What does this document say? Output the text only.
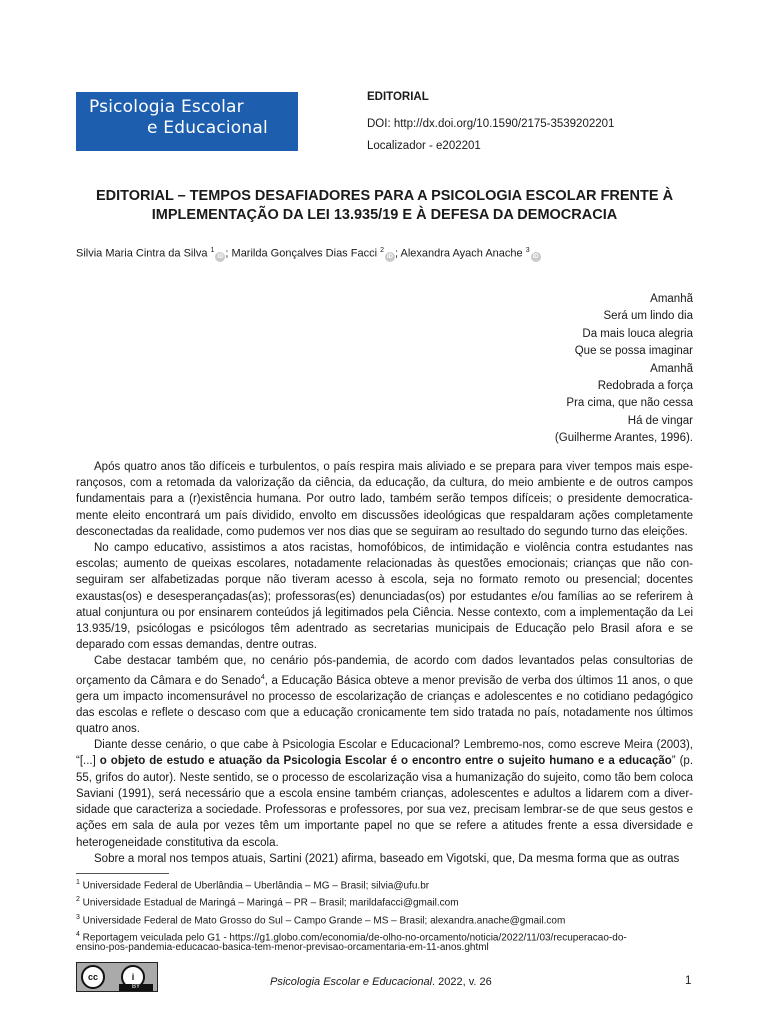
Psicologia Escolar
e Educacional
EDITORIAL
DOI: http://dx.doi.org/10.1590/2175-3539202201
Localizador - e202201
EDITORIAL – TEMPOS DESAFIADORES PARA A PSICOLOGIA ESCOLAR FRENTE À IMPLEMENTAÇÃO DA LEI 13.935/19 E À DEFESA DA DEMOCRACIA
Silvia Maria Cintra da Silva $^1$iD ; Marilda Gonçalves Dias Facci $^2$iD ; Alexandra Ayach Anache $^3$iD
Amanhã
Será um lindo dia
Da mais louca alegria
Que se possa imaginar
Amanhã
Redobrada a força
Pra cima, que não cessa
Há de vingar
(Guilherme Arantes, 1996).

Após quatro anos tão difíceis e turbulentos, o país respira mais aliviado e se prepara para viver tempos mais esperançosos, com a retomada da valorização da ciência, da educação, da cultura, do meio ambiente e de outros campos fundamentais para a (r)existência humana. Por outro lado, também serão tempos difíceis; o presidente democraticamente eleito encontrará um país dividido, envolto em discussões ideológicas que respaldaram ações completamente desconectadas da realidade, como pudemos ver nos dias que se seguiram ao resultado do segundo turno das eleições.

No campo educativo, assistimos a atos racistas, homofóbicos, de intimidação e violência contra estudantes nas escolas; aumento de queixas escolares, notadamente relacionadas às questões emocionais; crianças que não conseguiram ser alfabetizadas porque não tiveram acesso à escola, seja no formato remoto ou presencial; docentes exaustas(os) e desesperançadas(as); professoras(es) denunciadas(os) por estudantes e/ou famílias ao se referirem à atual conjuntura ou por ensinarem conteúdos já legitimados pela Ciência. Nesse contexto, com a implementação da Lei 13.935/19, psicólogas e psicólogos têm adentrado as secretarias municipais de Educação pelo Brasil afora e se deparado com essas demandas, dentre outras.

Cabe destacar também que, no cenário pós-pandemia, de acordo com dados levantados pelas consultorias de orçamento da Câmara e do Senado$^4$, a Educação Básica obteve a menor previsão de verba dos últimos 11 anos, o que gera um impacto incomensurável no processo de escolarização de crianças e adolescentes e no cotidiano pedagógico das escolas e reflete o descaso com que a educação cronicamente tem sido tratada no país, notadamente nos últimos quatro anos.

Diante desse cenário, o que cabe à Psicologia Escolar e Educacional? Lembremo-nos, como escreve Meira (2003), “[...] o objeto de estudo e atuação da Psicologia Escolar é o encontro entre o sujeito humano e a educação” (p. 55, grifos do autor). Neste sentido, se o processo de escolarização visa a humanização do sujeito, como tão bem coloca Saviani (1991), será necessário que a escola ensine também crianças, adolescentes e adultos a lidarem com a diversidade que caracteriza a sociedade. Professoras e professores, por sua vez, precisam lembrar-se de que seus gestos e ações em sala de aula por vezes têm um importante papel no que se refere a atitudes frente a essa diversidade e heterogeneidade constitutiva da escola.

Sobre a moral nos tempos atuais, Sartini (2021) afirma, baseado em Vigotski, que, Da mesma forma que as outras

$^1$ Universidade Federal de Uberlândia – Uberlândia – MG – Brasil; silvia@ufu.br
$^2$ Universidade Estadual de Maringá – Maringá – PR – Brasil; marildafacci@gmail.com
$^3$ Universidade Federal de Mato Grosso do Sul – Campo Grande – MS – Brasil; alexandra.anache@gmail.com
$^4$ Reportagem veiculada pelo G1 - https://g1.globo.com/economia/de-olho-no-orcamento/noticia/2022/11/03/recuperacao-do-
ensino-pos-pandemia-educacao-basica-tem-menor-previsao-orcamentaria-em-11-anos.ghtml
cc	i
BY	Psicologia Escolar e Educacional. 2022, v. 26	1
